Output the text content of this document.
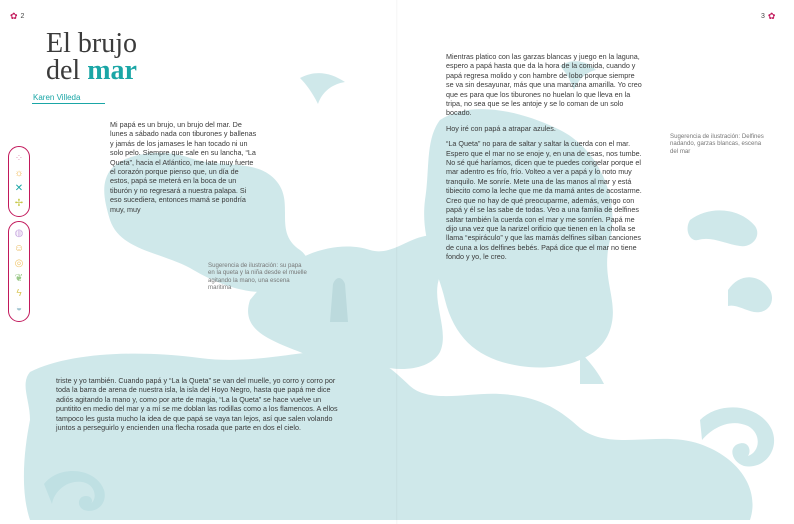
✿ 2	3 ✿
El brujo
del mar
Karen Villeda
⁘
☼
✕
✢
◍
☺
◎
❦
ϟ
◒

Mi papá es un brujo, un brujo del mar. De lunes a sábado nada con tiburones y ballenas y jamás de los jamases le han tocado ni un solo pelo. Siempre que sale en su lancha, “La Queta”, hacia el Atlántico, me late muy fuerte el corazón porque pienso que, un día de estos, papá se meterá en la boca de un tiburón y no regresará a nuestra palapa. Si eso sucediera, entonces mamá se pondría muy, muy

triste y yo también. Cuando papá y “La la Queta” se van del muelle, yo corro y corro por toda la barra de arena de nuestra isla, la isla del Hoyo Negro, hasta que papá me dice adiós agitando la mano y, como por arte de magia, “La la Queta” se hace vuelve un puntitito en medio del mar y a mí se me doblan las rodillas como a los flamencos. A ellos tampoco les gusta mucho la idea de que papá se vaya tan lejos, así que salen volando juntos a perseguirlo y encienden una flecha rosada que parte en dos el cielo.

Mientras platico con las garzas blancas y juego en la laguna, espero a papá hasta que da la hora de la comida, cuando y papá regresa molido y con hambre de lobo porque siempre se va sin desayunar, más que una manzana amarilla. Yo creo que es para que los tiburones no huelan lo que lleva en la tripa, no sea que se les antoje y se lo coman de un solo bocado.

Hoy iré con papá a atrapar azules.

“La Queta” no para de saltar y saltar la cuerda con el mar. Espero que el mar no se enoje y, en una de esas, nos tumbe. No sé qué haríamos, dicen que te puedes congelar porque el mar adentro es frío, frío. Volteo a ver a papá y lo noto muy tranquilo. Me sonríe. Mete una de las manos al mar y está tibiecito como la leche que me da mamá antes de acostarme. Creo que no hay de qué preocuparme, además, vengo con papá y él se las sabe de todas. Veo a una familia de delfines saltar también la cuerda con el mar y me sonríen. Papá me dijo una vez que la narizel orificio que tienen en la cholla se llama “espiráculo” y que las mamás delfines silban canciones de cuna a los delfines bebés. Papá dice que el mar no tiene fondo y yo, le creo.

Sugerencia de ilustración: su papa en la queta y la niña desde el muelle agitando la mano, una escena maritima
Sugerencia de ilustración: Delfines nadando, garzas blancas, escena del mar
